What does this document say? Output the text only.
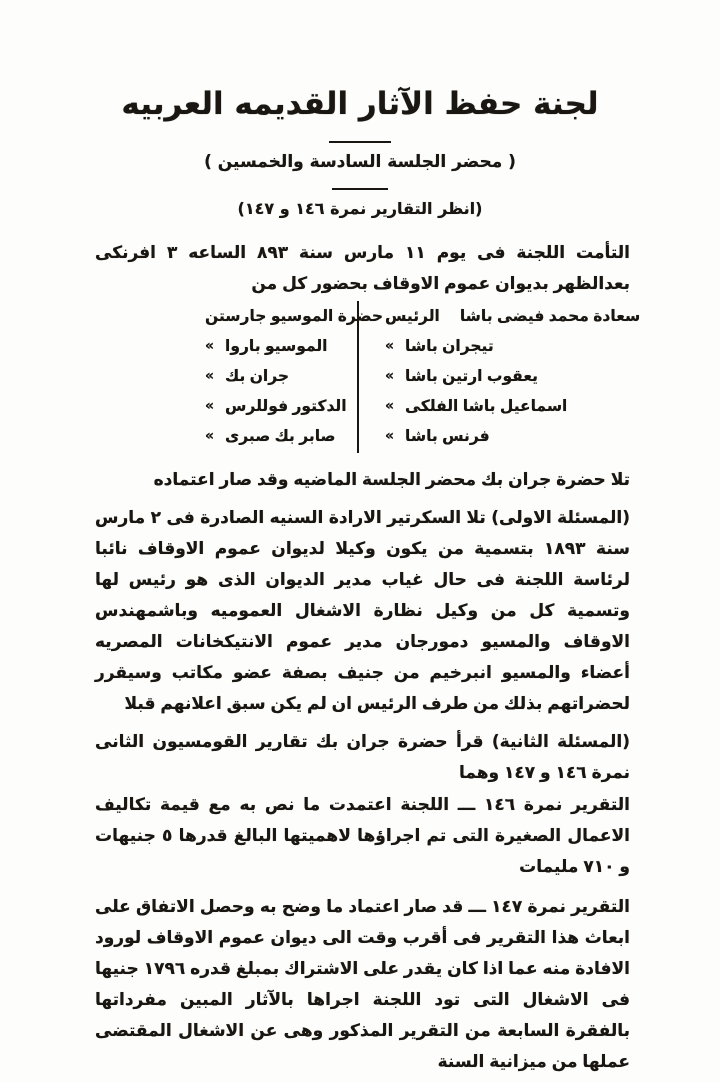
لجنة حفظ الآثار القديمه العربيه
( محضر الجلسة السادسة والخمسين )
(انظر التقارير نمرة ١٤٦ و ١٤٧)

التأمت اللجنة فى يوم ١١ مارس سنة ٨٩٣ الساعه ٣ افرنكى بعدالظهر بديوان عموم الاوقاف بحضور كل من

حضرة الموسيو جارستن
« الموسيو باروا
« جران بك
« الدكتور فوللرس
« صابر بك صبرى
الرئيس سعادة محمد فيضى باشا
« تيجران باشا
« يعقوب ارتين باشا
« اسماعيل باشا الفلكى
« فرنس باشا

تلا حضرة جران بك محضر الجلسة الماضيه وقد صار اعتماده

(المسئلة الاولى) تلا السكرتير الارادة السنيه الصادرة فى ٢ مارس سنة ١٨٩٣ بتسمية من يكون وكيلا لديوان عموم الاوقاف نائبا لرئاسة اللجنة فى حال غياب مدير الديوان الذى هو رئيس لها وتسمية كل من وكيل نظارة الاشغال العموميه وباشمهندس الاوقاف والمسيو دمورجان مدير عموم الانتيكخانات المصريه أعضاء والمسيو انبرخيم من جنيف بصفة عضو مكاتب وسيقرر لحضراتهم بذلك من طرف الرئيس ان لم يكن سبق اعلانهم قبلا

(المسئلة الثانية) قرأ حضرة جران بك تقارير القومسيون الثانى نمرة ١٤٦ و ١٤٧ وهما

التقرير نمرة ١٤٦ ـــ اللجنة اعتمدت ما نص به مع قيمة تكاليف الاعمال الصغيرة التى تم اجراؤها لاهميتها البالغ قدرها ٥ جنيهات و ٧١٠ مليمات

التقرير نمرة ١٤٧ ـــ قد صار اعتماد ما وضح به وحصل الاتفاق على ابعاث هذا التقرير فى أقرب وقت الى ديوان عموم الاوقاف لورود الافادة منه عما اذا كان يقدر على الاشتراك بمبلغ قدره ١٧٩٦ جنيها فى الاشغال التى تود اللجنة اجراها بالآثار المبين مفرداتها بالفقرة السابعة من التقرير المذكور وهى عن الاشغال المقتضى عملها من ميزانية السنة
